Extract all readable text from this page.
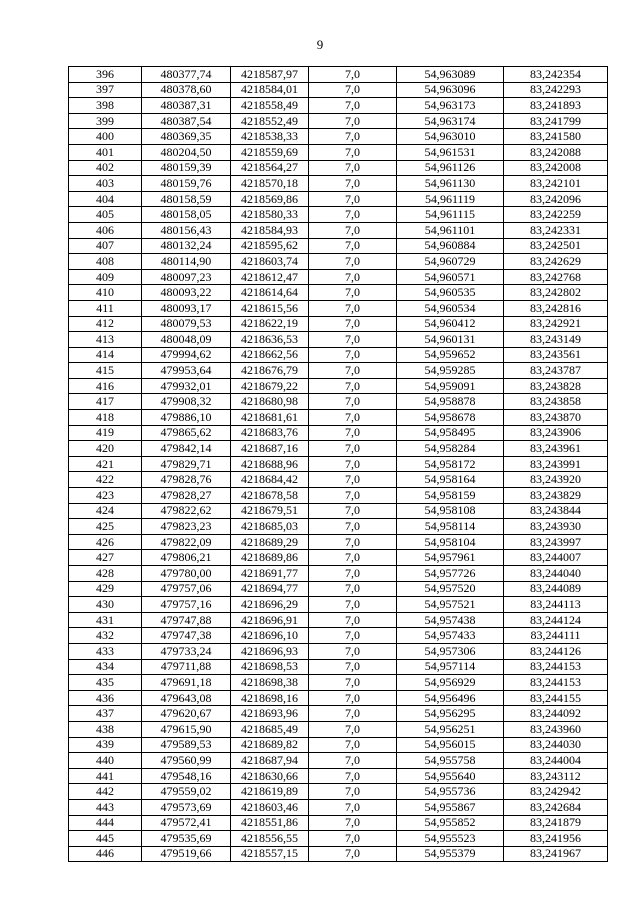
9
396	480377,74	4218587,97	7,0	54,963089	83,242354
397	480378,60	4218584,01	7,0	54,963096	83,242293
398	480387,31	4218558,49	7,0	54,963173	83,241893
399	480387,54	4218552,49	7,0	54,963174	83,241799
400	480369,35	4218538,33	7,0	54,963010	83,241580
401	480204,50	4218559,69	7,0	54,961531	83,242088
402	480159,39	4218564,27	7,0	54,961126	83,242008
403	480159,76	4218570,18	7,0	54,961130	83,242101
404	480158,59	4218569,86	7,0	54,961119	83,242096
405	480158,05	4218580,33	7,0	54,961115	83,242259
406	480156,43	4218584,93	7,0	54,961101	83,242331
407	480132,24	4218595,62	7,0	54,960884	83,242501
408	480114,90	4218603,74	7,0	54,960729	83,242629
409	480097,23	4218612,47	7,0	54,960571	83,242768
410	480093,22	4218614,64	7,0	54,960535	83,242802
411	480093,17	4218615,56	7,0	54,960534	83,242816
412	480079,53	4218622,19	7,0	54,960412	83,242921
413	480048,09	4218636,53	7,0	54,960131	83,243149
414	479994,62	4218662,56	7,0	54,959652	83,243561
415	479953,64	4218676,79	7,0	54,959285	83,243787
416	479932,01	4218679,22	7,0	54,959091	83,243828
417	479908,32	4218680,98	7,0	54,958878	83,243858
418	479886,10	4218681,61	7,0	54,958678	83,243870
419	479865,62	4218683,76	7,0	54,958495	83,243906
420	479842,14	4218687,16	7,0	54,958284	83,243961
421	479829,71	4218688,96	7,0	54,958172	83,243991
422	479828,76	4218684,42	7,0	54,958164	83,243920
423	479828,27	4218678,58	7,0	54,958159	83,243829
424	479822,62	4218679,51	7,0	54,958108	83,243844
425	479823,23	4218685,03	7,0	54,958114	83,243930
426	479822,09	4218689,29	7,0	54,958104	83,243997
427	479806,21	4218689,86	7,0	54,957961	83,244007
428	479780,00	4218691,77	7,0	54,957726	83,244040
429	479757,06	4218694,77	7,0	54,957520	83,244089
430	479757,16	4218696,29	7,0	54,957521	83,244113
431	479747,88	4218696,91	7,0	54,957438	83,244124
432	479747,38	4218696,10	7,0	54,957433	83,244111
433	479733,24	4218696,93	7,0	54,957306	83,244126
434	479711,88	4218698,53	7,0	54,957114	83,244153
435	479691,18	4218698,38	7,0	54,956929	83,244153
436	479643,08	4218698,16	7,0	54,956496	83,244155
437	479620,67	4218693,96	7,0	54,956295	83,244092
438	479615,90	4218685,49	7,0	54,956251	83,243960
439	479589,53	4218689,82	7,0	54,956015	83,244030
440	479560,99	4218687,94	7,0	54,955758	83,244004
441	479548,16	4218630,66	7,0	54,955640	83,243112
442	479559,02	4218619,89	7,0	54,955736	83,242942
443	479573,69	4218603,46	7,0	54,955867	83,242684
444	479572,41	4218551,86	7,0	54,955852	83,241879
445	479535,69	4218556,55	7,0	54,955523	83,241956
446	479519,66	4218557,15	7,0	54,955379	83,241967
